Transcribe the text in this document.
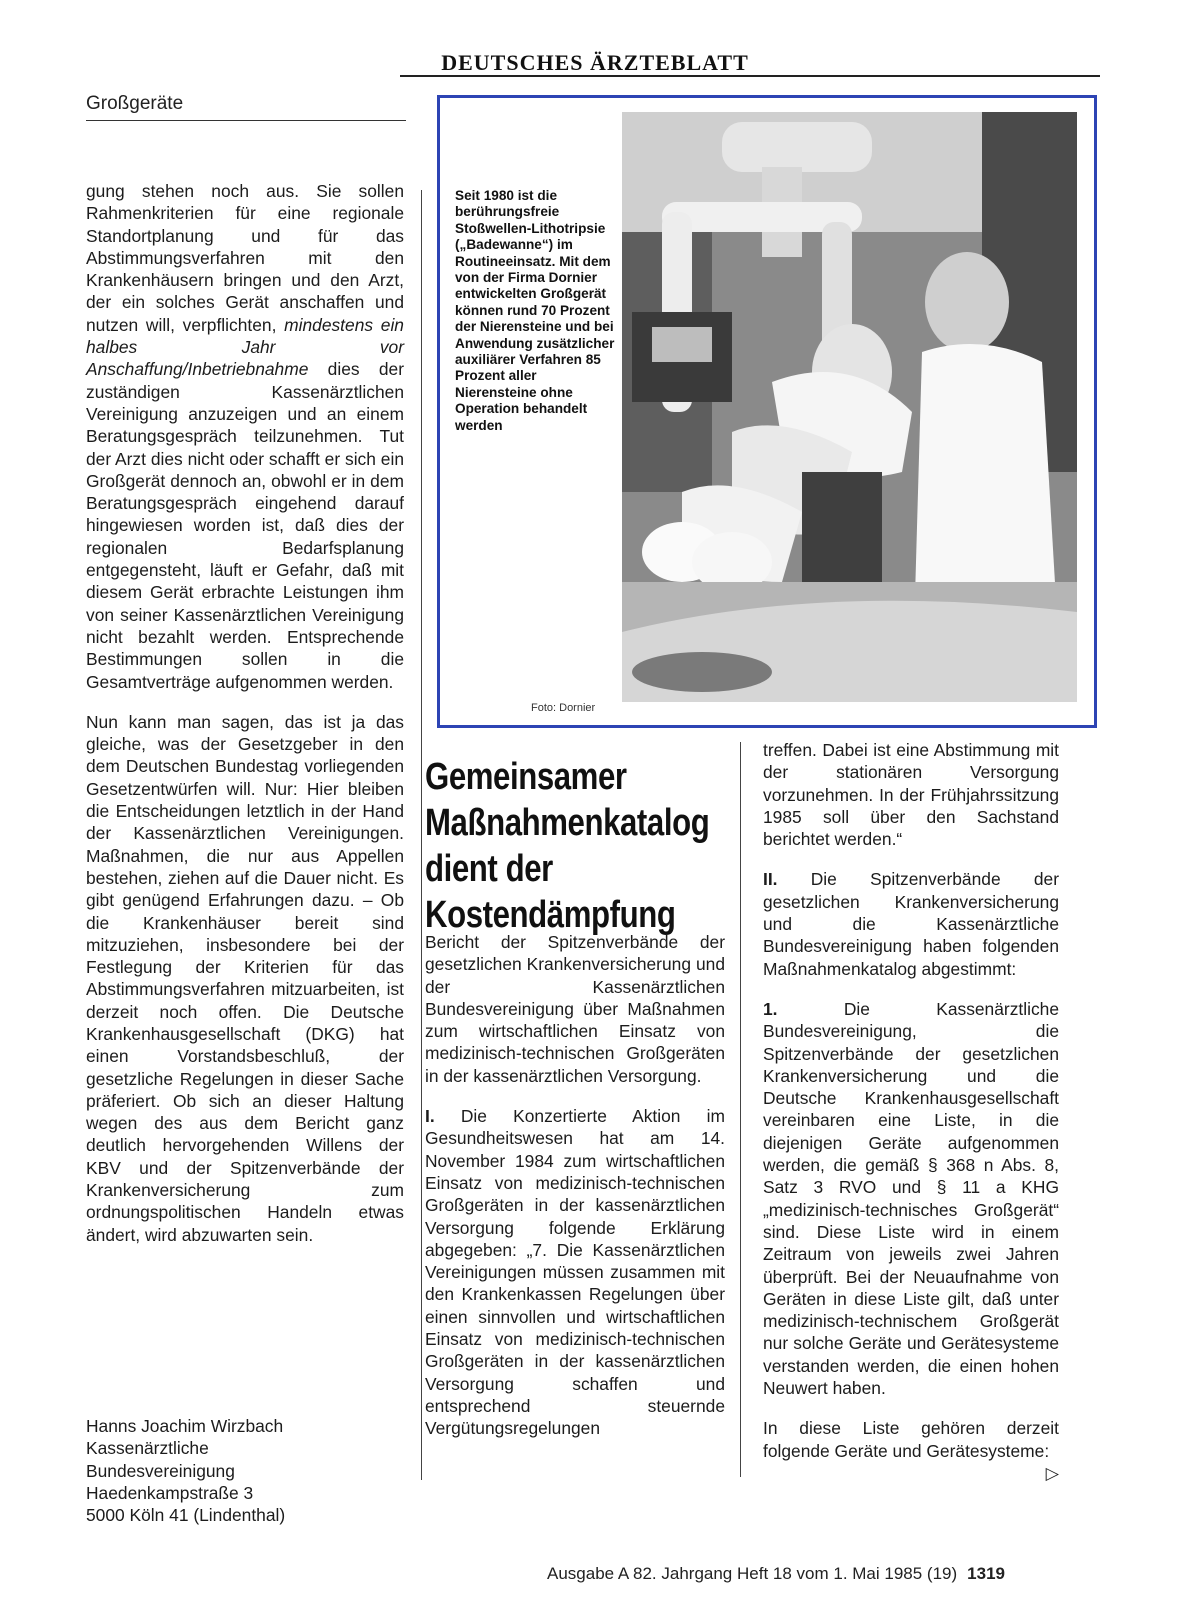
DEUTSCHES ÄRZTEBLATT
Großgeräte

gung stehen noch aus. Sie sollen Rahmenkriterien für eine regionale Standortplanung und für das Abstimmungsverfahren mit den Krankenhäusern bringen und den Arzt, der ein solches Gerät anschaffen und nutzen will, verpflichten, mindestens ein halbes Jahr vor Anschaffung/Inbetriebnahme dies der zuständigen Kassenärztlichen Vereinigung anzuzeigen und an einem Beratungsgespräch teilzunehmen. Tut der Arzt dies nicht oder schafft er sich ein Großgerät dennoch an, obwohl er in dem Beratungsgespräch eingehend darauf hingewiesen worden ist, daß dies der regionalen Bedarfsplanung entgegensteht, läuft er Gefahr, daß mit diesem Gerät erbrachte Leistungen ihm von seiner Kassenärztlichen Vereinigung nicht bezahlt werden. Entsprechende Bestimmungen sollen in die Gesamtverträge aufgenommen werden.

Nun kann man sagen, das ist ja das gleiche, was der Gesetzgeber in den dem Deutschen Bundestag vorliegenden Gesetzentwürfen will. Nur: Hier bleiben die Entscheidungen letztlich in der Hand der Kassenärztlichen Vereinigungen. Maßnahmen, die nur aus Appellen bestehen, ziehen auf die Dauer nicht. Es gibt genügend Erfahrungen dazu. – Ob die Krankenhäuser bereit sind mitzuziehen, insbesondere bei der Festlegung der Kriterien für das Abstimmungsverfahren mitzuarbeiten, ist derzeit noch offen. Die Deutsche Krankenhausgesellschaft (DKG) hat einen Vorstandsbeschluß, der gesetzliche Regelungen in dieser Sache präferiert. Ob sich an dieser Haltung wegen des aus dem Bericht ganz deutlich hervorgehenden Willens der KBV und der Spitzenverbände der Krankenversicherung zum ordnungspolitischen Handeln etwas ändert, wird abzuwarten sein.

Hanns Joachim Wirzbach
Kassenärztliche
Bundesvereinigung
Haedenkampstraße 3
5000 Köln 41 (Lindenthal)
Seit 1980 ist die berührungsfreie Stoßwellen-Lithotripsie („Badewanne“) im Routineeinsatz. Mit dem von der Firma Dornier entwickelten Großgerät können rund 70 Prozent der Nierensteine und bei Anwendung zusätzlicher auxiliärer Verfahren 85 Prozent aller Nierensteine ohne Operation behandelt werden
Foto: Dornier
Gemeinsamer
Maßnahmenkatalog
dient der
Kostendämpfung

Bericht der Spitzenverbände der gesetzlichen Krankenversicherung und der Kassenärztlichen Bundesvereinigung über Maßnahmen zum wirtschaftlichen Einsatz von medizinisch-technischen Großgeräten in der kassenärztlichen Versorgung.

I. Die Konzertierte Aktion im Gesundheitswesen hat am 14. November 1984 zum wirtschaftlichen Einsatz von medizinisch-technischen Großgeräten in der kassenärztlichen Versorgung folgende Erklärung abgegeben: „7. Die Kassenärztlichen Vereinigungen müssen zusammen mit den Krankenkassen Regelungen über einen sinnvollen und wirtschaftlichen Einsatz von medizinisch-technischen Großgeräten in der kassenärztlichen Versorgung schaffen und entsprechend steuernde Vergütungsregelungen

treffen. Dabei ist eine Abstimmung mit der stationären Versorgung vorzunehmen. In der Frühjahrssitzung 1985 soll über den Sachstand berichtet werden.“

II. Die Spitzenverbände der gesetzlichen Krankenversicherung und die Kassenärztliche Bundesvereinigung haben folgenden Maßnahmenkatalog abgestimmt:

1. Die Kassenärztliche Bundesvereinigung, die Spitzenverbände der gesetzlichen Krankenversicherung und die Deutsche Krankenhausgesellschaft vereinbaren eine Liste, in die diejenigen Geräte aufgenommen werden, die gemäß § 368 n Abs. 8, Satz 3 RVO und § 11 a KHG „medizinisch-technisches Großgerät“ sind. Diese Liste wird in einem Zeitraum von jeweils zwei Jahren überprüft. Bei der Neuaufnahme von Geräten in diese Liste gilt, daß unter medizinisch-technischem Großgerät nur solche Geräte und Gerätesysteme verstanden werden, die einen hohen Neuwert haben.

In diese Liste gehören derzeit folgende Geräte und Gerätesysteme:
▷

Ausgabe A 82. Jahrgang Heft 18 vom 1. Mai 1985 (19) 1319
